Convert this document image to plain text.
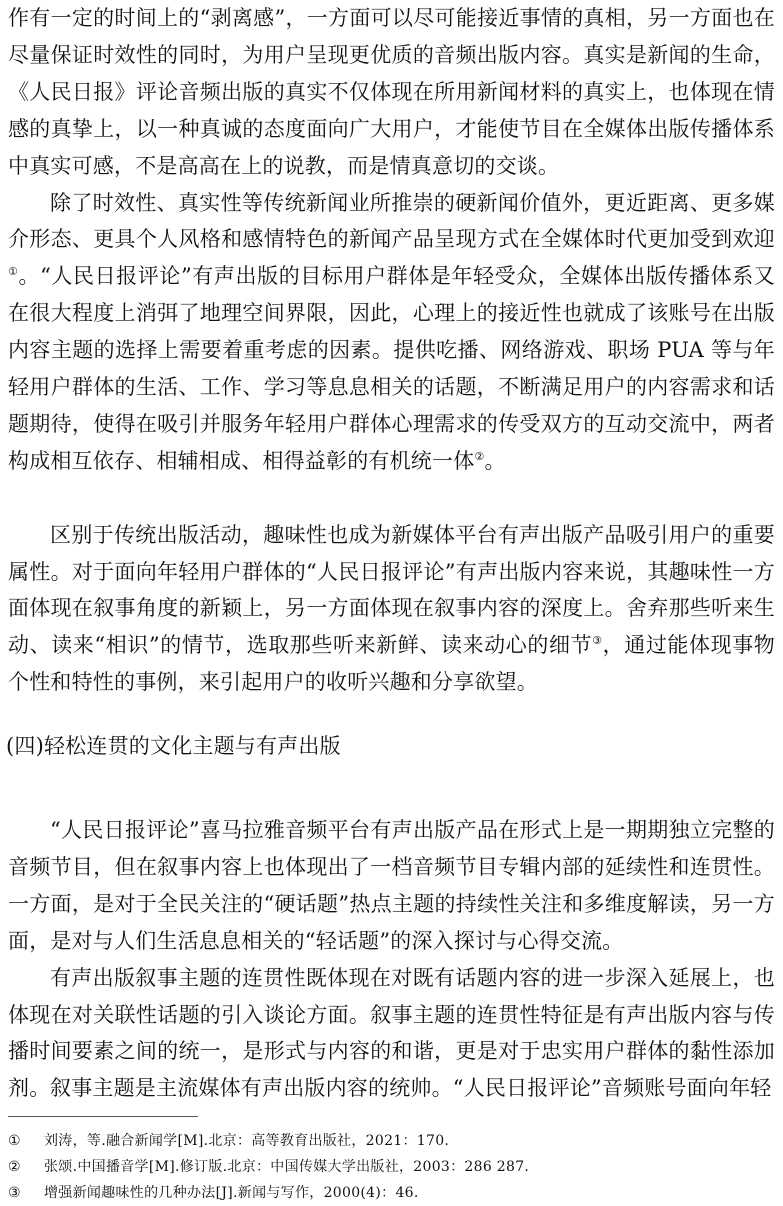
作有一定的时间上的“剥离感”，一方面可以尽可能接近事情的真相，另一方面也在尽量保证时效性的同时，为用户呈现更优质的音频出版内容。真实是新闻的生命，《人民日报》评论音频出版的真实不仅体现在所用新闻材料的真实上，也体现在情感的真挚上，以一种真诚的态度面向广大用户，才能使节目在全媒体出版传播体系中真实可感，不是高高在上的说教，而是情真意切的交谈。

除了时效性、真实性等传统新闻业所推崇的硬新闻价值外，更近距离、更多媒介形态、更具个人风格和感情特色的新闻产品呈现方式在全媒体时代更加受到欢迎①。“人民日报评论”有声出版的目标用户群体是年轻受众，全媒体出版传播体系又在很大程度上消弭了地理空间界限，因此，心理上的接近性也就成了该账号在出版内容主题的选择上需要着重考虑的因素。提供吃播、网络游戏、职场 PUA 等与年轻用户群体的生活、工作、学习等息息相关的话题，不断满足用户的内容需求和话题期待，使得在吸引并服务年轻用户群体心理需求的传受双方的互动交流中，两者构成相互依存、相辅相成、相得益彰的有机统一体②。

区别于传统出版活动，趣味性也成为新媒体平台有声出版产品吸引用户的重要属性。对于面向年轻用户群体的“人民日报评论”有声出版内容来说，其趣味性一方面体现在叙事角度的新颖上，另一方面体现在叙事内容的深度上。舍弃那些听来生动、读来“相识”的情节，选取那些听来新鲜、读来动心的细节③，通过能体现事物个性和特性的事例，来引起用户的收听兴趣和分享欲望。

(四)轻松连贯的文化主题与有声出版

“人民日报评论”喜马拉雅音频平台有声出版产品在形式上是一期期独立完整的音频节目，但在叙事内容上也体现出了一档音频节目专辑内部的延续性和连贯性。一方面，是对于全民关注的“硬话题”热点主题的持续性关注和多维度解读，另一方面，是对与人们生活息息相关的“轻话题”的深入探讨与心得交流。

有声出版叙事主题的连贯性既体现在对既有话题内容的进一步深入延展上，也体现在对关联性话题的引入谈论方面。叙事主题的连贯性特征是有声出版内容与传播时间要素之间的统一，是形式与内容的和谐，更是对于忠实用户群体的黏性添加剂。 叙事主题是主流媒体有声出版内容的统帅。“人民日报评论”音频账号面向年轻

①	刘涛，等.融合新闻学[M].北京：高等教育出版社，2021：170.
②	张颂.中国播音学[M].修订版.北京：中国传媒大学出版社，2003：286 287.
③	增强新闻趣味性的几种办法[J].新闻与写作，2000(4)：46.
